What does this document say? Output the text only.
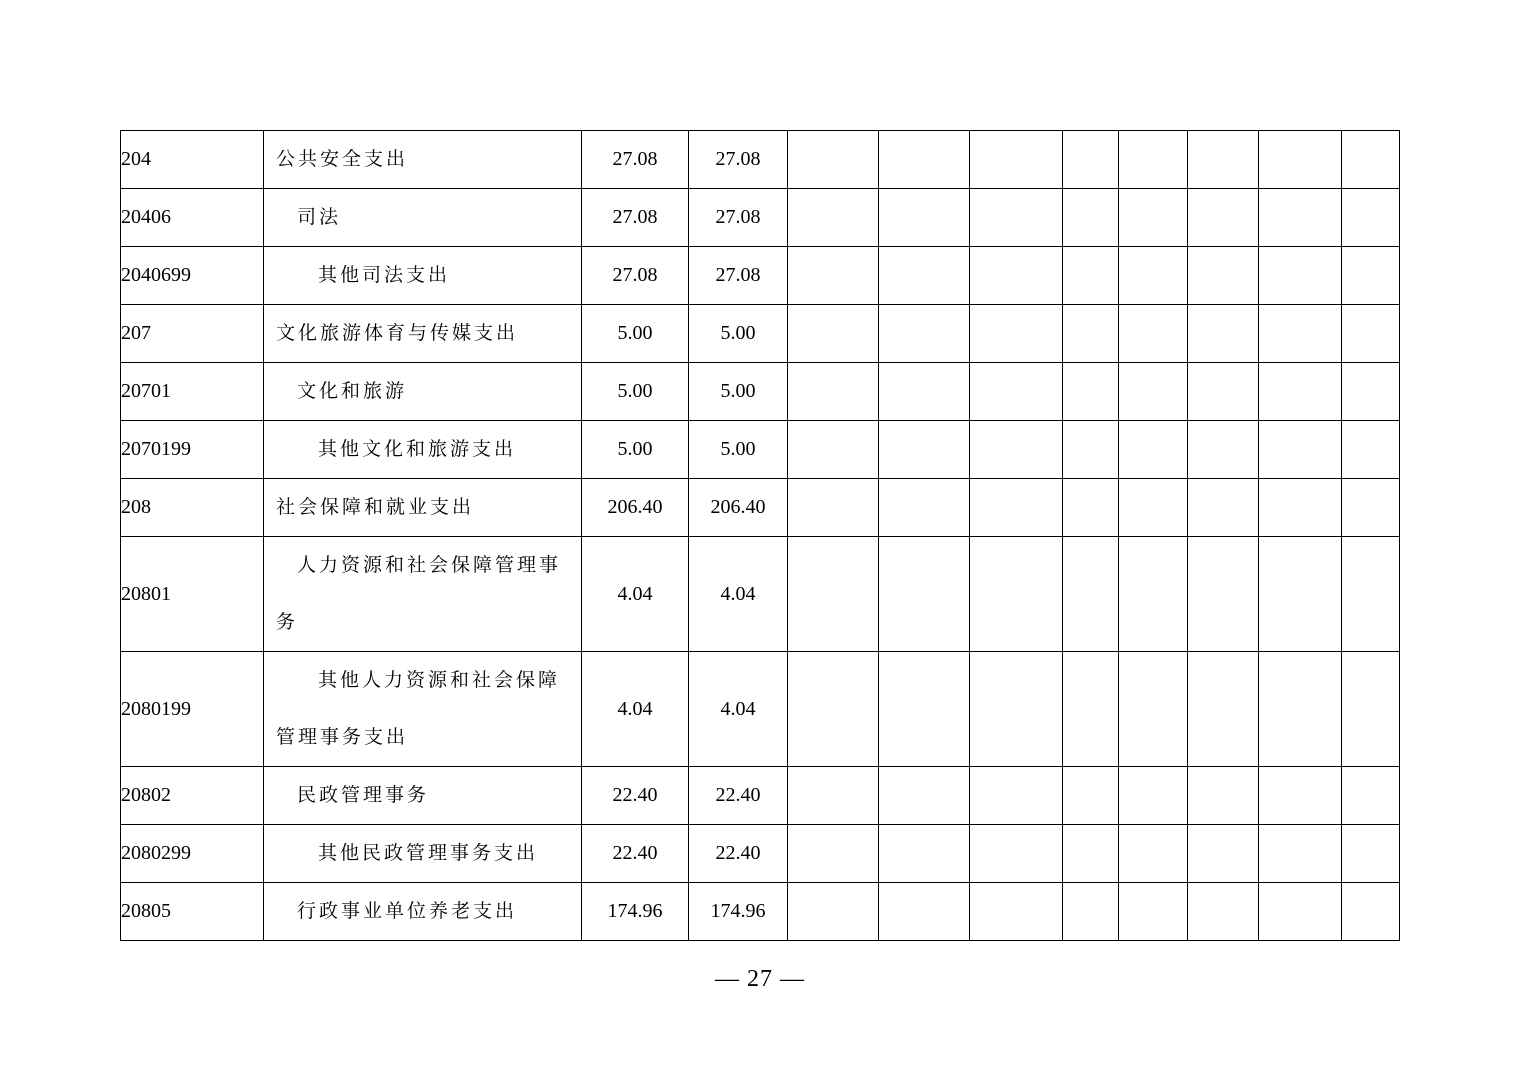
204	公共安全支出	27.08	27.08								
20406	司法	27.08	27.08								
2040699	其他司法支出	27.08	27.08								
207	文化旅游体育与传媒支出	5.00	5.00								
20701	文化和旅游	5.00	5.00								
2070199	其他文化和旅游支出	5.00	5.00								
208	社会保障和就业支出	206.40	206.40								
20801	人力资源和社会保障管理事务	4.04	4.04								
2080199	其他人力资源和社会保障管理事务支出	4.04	4.04								
20802	民政管理事务	22.40	22.40								
2080299	其他民政管理事务支出	22.40	22.40								
20805	行政事业单位养老支出	174.96	174.96								
— 27 —
